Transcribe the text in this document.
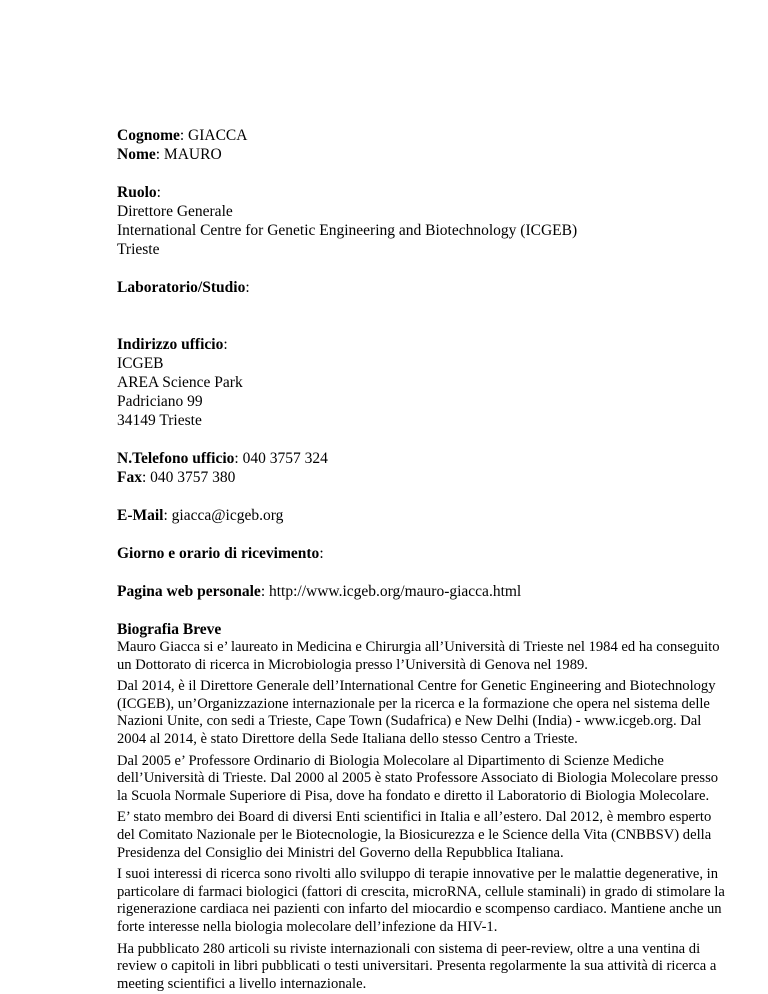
Cognome: GIACCA

Nome: MAURO

Ruolo:

Direttore Generale

International Centre for Genetic Engineering and Biotechnology (ICGEB)

Trieste

Laboratorio/Studio:

Indirizzo ufficio:

ICGEB

AREA Science Park

Padriciano 99

34149 Trieste

N.Telefono ufficio: 040 3757 324

Fax: 040 3757 380

E-Mail: giacca@icgeb.org

Giorno e orario di ricevimento:

Pagina web personale: http://www.icgeb.org/mauro-giacca.html

Biografia Breve

Mauro Giacca si e’ laureato in Medicina e Chirurgia all’Università di Trieste nel 1984 ed ha conseguito un Dottorato di ricerca in Microbiologia presso l’Università di Genova nel 1989.

Dal 2014, è il Direttore Generale dell’International Centre for Genetic Engineering and Biotechnology (ICGEB), un’Organizzazione internazionale per la ricerca e la formazione che opera nel sistema delle Nazioni Unite, con sedi a Trieste, Cape Town (Sudafrica) e New Delhi (India) - www.icgeb.org. Dal 2004 al 2014, è stato Direttore della Sede Italiana dello stesso Centro a Trieste.

Dal 2005 e’ Professore Ordinario di Biologia Molecolare al Dipartimento di Scienze Mediche dell’Università di Trieste. Dal 2000 al 2005 è stato Professore Associato di Biologia Molecolare presso la Scuola Normale Superiore di Pisa, dove ha fondato e diretto il Laboratorio di Biologia Molecolare.

E’ stato membro dei Board di diversi Enti scientifici in Italia e all’estero. Dal 2012, è membro esperto del Comitato Nazionale per le Biotecnologie, la Biosicurezza e le Science della Vita (CNBBSV) della Presidenza del Consiglio dei Ministri del Governo della Repubblica Italiana.

I suoi interessi di ricerca sono rivolti allo sviluppo di terapie innovative per le malattie degenerative, in particolare di farmaci biologici (fattori di crescita, microRNA, cellule staminali) in grado di stimolare la rigenerazione cardiaca nei pazienti con infarto del miocardio e scompenso cardiaco. Mantiene anche un forte interesse nella biologia molecolare dell’infezione da HIV-1.

Ha pubblicato 280 articoli su riviste internazionali con sistema di peer-review, oltre a una ventina di review o capitoli in libri pubblicati o testi universitari. Presenta regolarmente la sua attività di ricerca a meeting scientifici a livello internazionale.
